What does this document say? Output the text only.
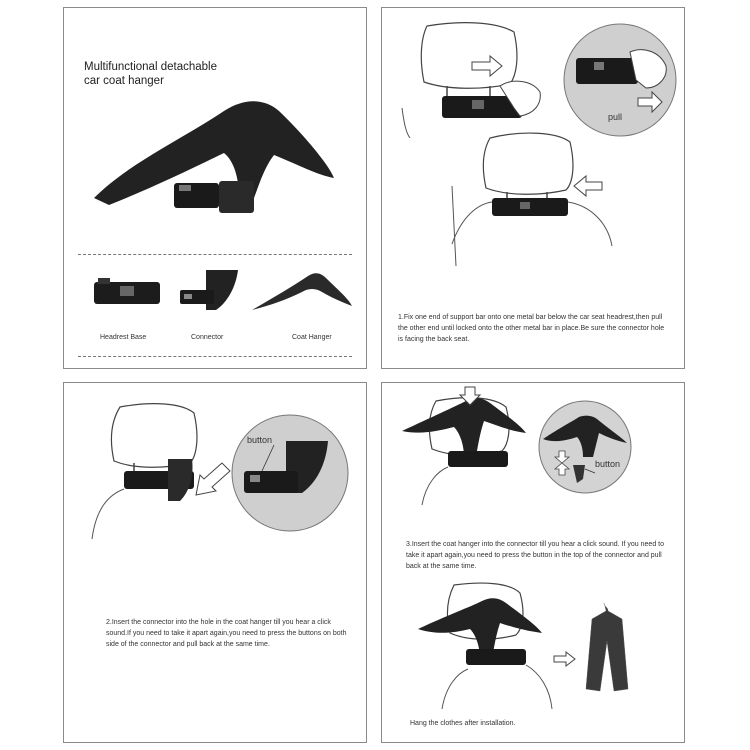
Multifunctional detachable
car coat hanger
Headrest Base	Connector	Coat Hanger
pull
1.Fix one end of support bar onto one metal bar below the car seat headrest,then pull the other end until locked onto the other metal bar in place.Be sure the connector hole is facing the back seat.
button
2.Insert the connector into the hole in the coat hanger till you hear a click sound.If you need to take it apart again,you need to press the buttons on both side of the connector and pull back at the same time.
button
3.Insert the coat hanger into the connector till you hear a click sound. If you need to take it apart again,you need to press the button in the top of the connector and pull back at the same time.
Hang the clothes after installation.
